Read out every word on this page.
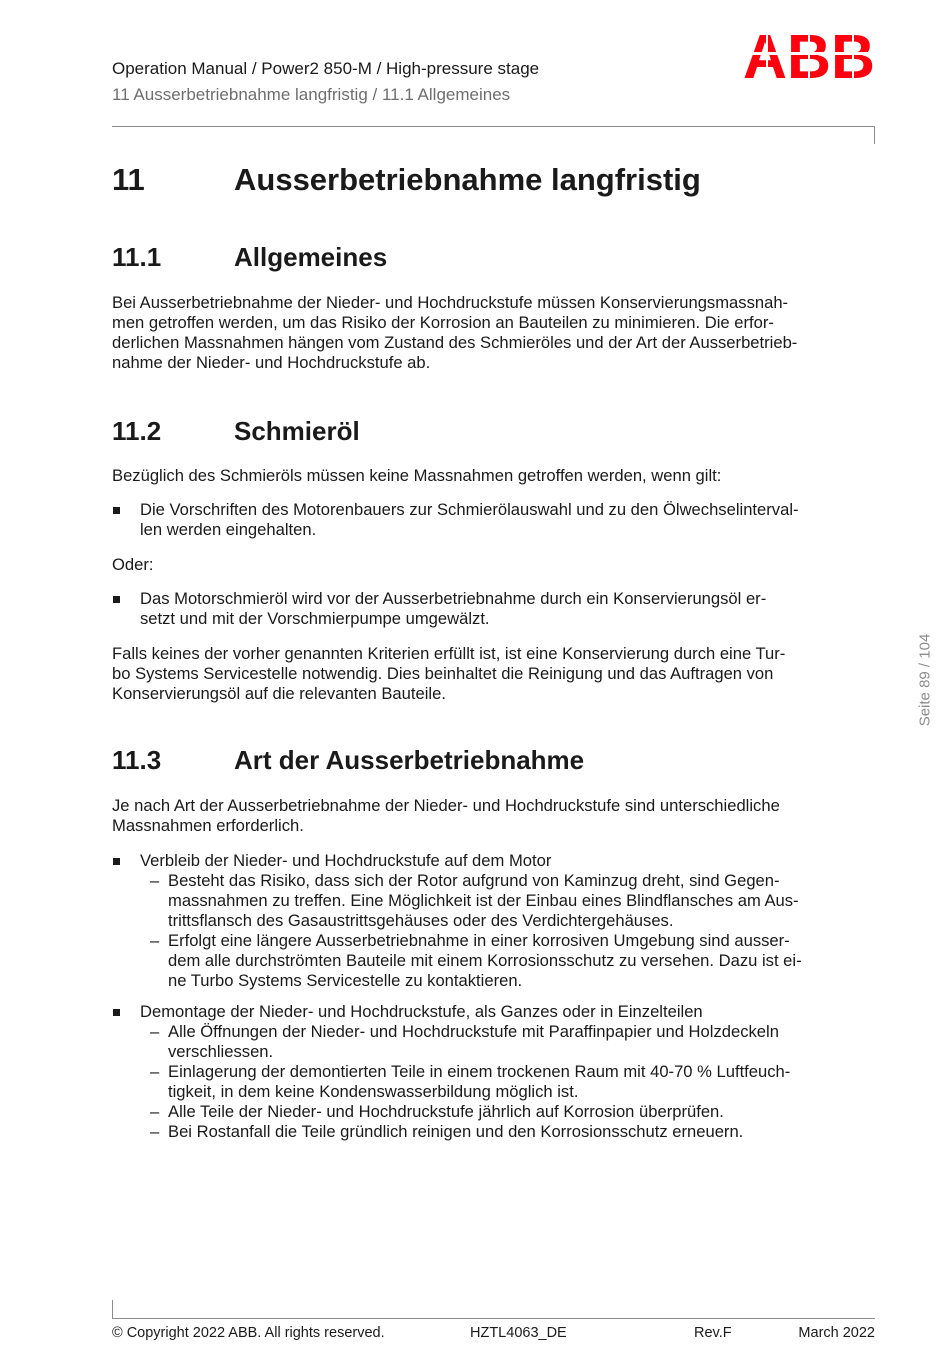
Operation Manual / Power2 850-M / High-pressure stage
11 Ausserbetriebnahme langfristig / 11.1 Allgemeines
11	Ausserbetriebnahme langfristig
11.1	Allgemeines
Bei Ausserbetriebnahme der Nieder- und Hochdruckstufe müssen Konservierungsmassnah-
men getroffen werden, um das Risiko der Korrosion an Bauteilen zu minimieren. Die erfor-
derlichen Massnahmen hängen vom Zustand des Schmieröles und der Art der Ausserbetrieb-
nahme der Nieder- und Hochdruckstufe ab.
11.2	Schmieröl
Bezüglich des Schmieröls müssen keine Massnahmen getroffen werden, wenn gilt:
Die Vorschriften des Motorenbauers zur Schmierölauswahl und zu den Ölwechselinterval-
len werden eingehalten.
Oder:
Das Motorschmieröl wird vor der Ausserbetriebnahme durch ein Konservierungsöl er-
setzt und mit der Vorschmierpumpe umgewälzt.
Falls keines der vorher genannten Kriterien erfüllt ist, ist eine Konservierung durch eine Tur-
bo Systems Servicestelle notwendig. Dies beinhaltet die Reinigung und das Auftragen von
Konservierungsöl auf die relevanten Bauteile.
11.3	Art der Ausserbetriebnahme
Je nach Art der Ausserbetriebnahme der Nieder- und Hochdruckstufe sind unterschiedliche
Massnahmen erforderlich.
Verbleib der Nieder- und Hochdruckstufe auf dem Motor
– Besteht das Risiko, dass sich der Rotor aufgrund von Kaminzug dreht, sind Gegen-
massnahmen zu treffen. Eine Möglichkeit ist der Einbau eines Blindflansches am Aus-
trittsflansch des Gasaustrittsgehäuses oder des Verdichtergehäuses.
– Erfolgt eine längere Ausserbetriebnahme in einer korrosiven Umgebung sind ausser-
dem alle durchströmten Bauteile mit einem Korrosionsschutz zu versehen. Dazu ist ei-
ne Turbo Systems Servicestelle zu kontaktieren.
Demontage der Nieder- und Hochdruckstufe, als Ganzes oder in Einzelteilen
– Alle Öffnungen der Nieder- und Hochdruckstufe mit Paraffinpapier und Holzdeckeln
verschliessen.
– Einlagerung der demontierten Teile in einem trockenen Raum mit 40-70 % Luftfeuch-
tigkeit, in dem keine Kondenswasserbildung möglich ist.
– Alle Teile der Nieder- und Hochdruckstufe jährlich auf Korrosion überprüfen.
– Bei Rostanfall die Teile gründlich reinigen und den Korrosionsschutz erneuern.
Seite 89 / 104
© Copyright 2022 ABB. All rights reserved.	HZTL4063_DE	Rev.F	March 2022
